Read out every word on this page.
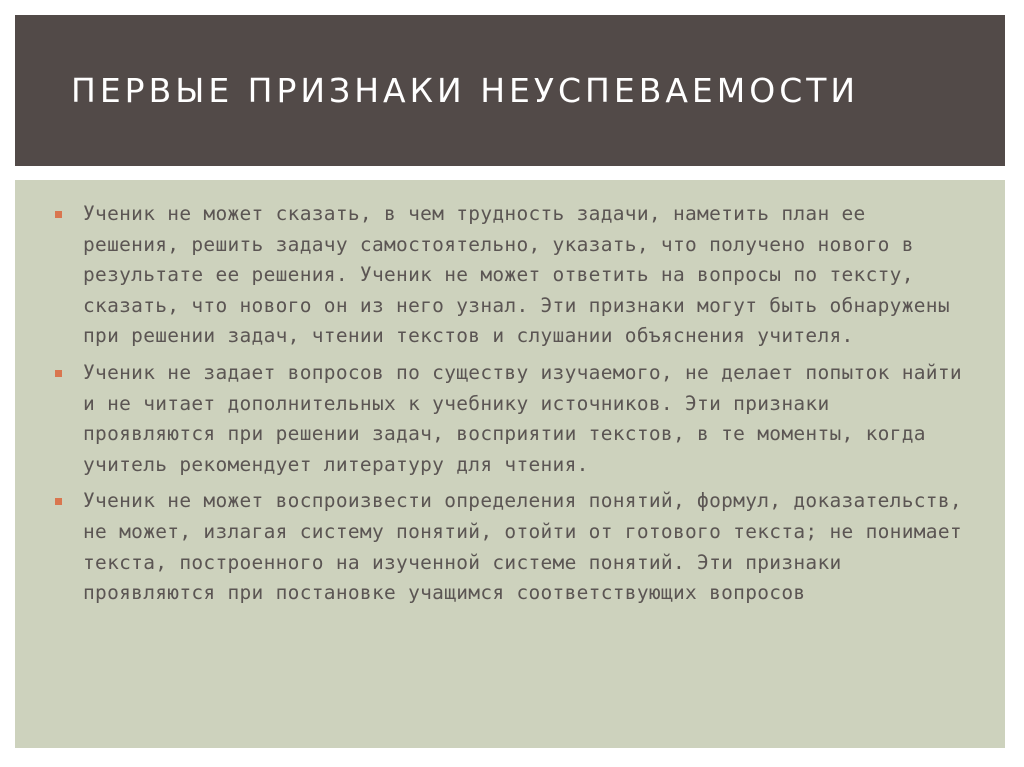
ПЕРВЫЕ ПРИЗНАКИ НЕУСПЕВАЕМОСТИ
Ученик не может сказать, в чем трудность задачи, наметить план ее решения, решить задачу самостоятельно, указать, что получено нового в результате ее решения. Ученик не может ответить на вопросы по тексту, сказать, что нового он из него узнал. Эти признаки могут быть обнаружены при решении задач, чтении текстов и слушании объяснения учителя.
Ученик не задает вопросов по существу изучаемого, не делает попыток найти и не читает дополнительных к учебнику источников. Эти признаки проявляются при решении задач, восприятии текстов, в те моменты, когда учитель рекомендует литературу для чтения.
Ученик не может воспроизвести определения понятий, формул, доказательств, не может, излагая систему понятий, отойти от готового текста; не понимает текста, построенного на изученной системе понятий. Эти признаки проявляются при постановке учащимся соответствующих вопросов
